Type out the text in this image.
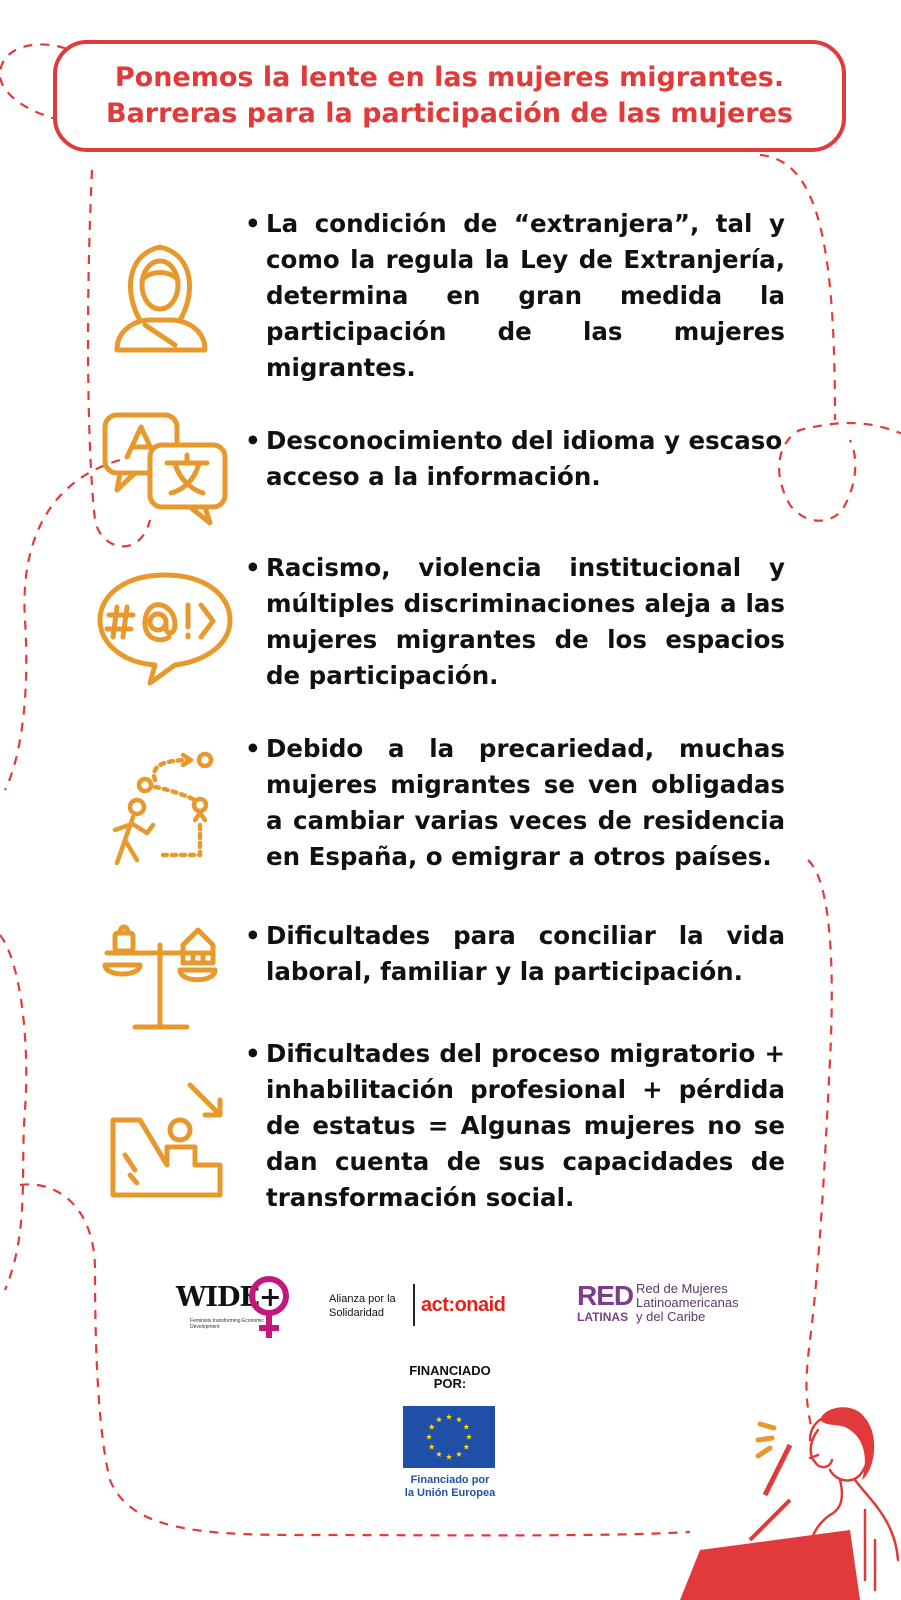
Ponemos la lente en las mujeres migrantes.
Barreras para la participación de las mujeres
• La condición de “extranjera”, tal y como la regula la Ley de Extranjería, determina en gran medida la participación de las mujeres migrantes.
• Desconocimiento del idioma y escaso acceso a la información.
• Racismo, violencia institucional y múltiples discriminaciones aleja a las mujeres migrantes de los espacios de participación.
• Debido a la precariedad, muchas mujeres migrantes se ven obligadas a cambiar varias veces de residencia en España, o emigrar a otros países.
• Dificultades para conciliar la vida laboral, familiar y la participación.
• Dificultades del proceso migratorio + inhabilitación profesional + pérdida de estatus = Algunas mujeres no se dan cuenta de sus capacidades de transformación social.
WIDE+
Feminists transforming Economic Development
Alianza por la
Solidaridad	act:onaid	RED
LATINAS
Red de Mujeres
Latinoamericanas
y del Caribe
FINANCIADO
POR:
Financiado por
la Unión Europea
